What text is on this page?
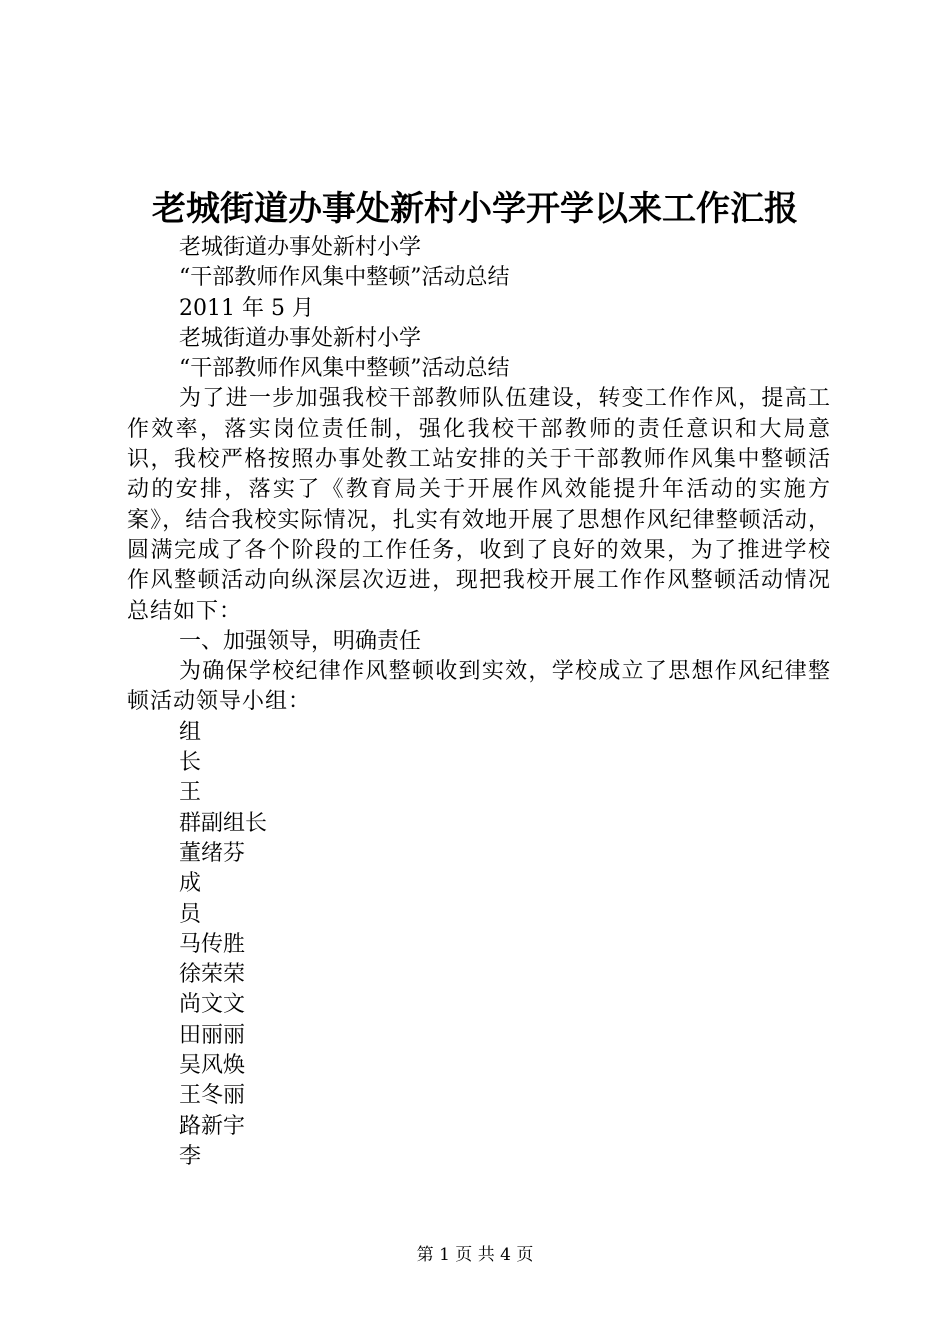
老城街道办事处新村小学开学以来工作汇报
老城街道办事处新村小学
“干部教师作风集中整顿”活动总结
2011 年 5 月
老城街道办事处新村小学
“干部教师作风集中整顿”活动总结
为了进一步加强我校干部教师队伍建设，转变工作作风，提高工作效率，落实岗位责任制，强化我校干部教师的责任意识和大局意识，我校严格按照办事处教工站安排的关于干部教师作风集中整顿活动的安排，落实了《教育局关于开展作风效能提升年活动的实施方案》，结合我校实际情况，扎实有效地开展了思想作风纪律整顿活动，圆满完成了各个阶段的工作任务，收到了良好的效果，为了推进学校作风整顿活动向纵深层次迈进，现把我校开展工作作风整顿活动情况总结如下：
一、加强领导，明确责任
为确保学校纪律作风整顿收到实效，学校成立了思想作风纪律整顿活动领导小组：
组
长
王
群副组长
董绪芬
成
员
马传胜
徐荣荣
尚文文
田丽丽
吴风焕
王冬丽
路新宇
李
第 1 页 共 4 页
